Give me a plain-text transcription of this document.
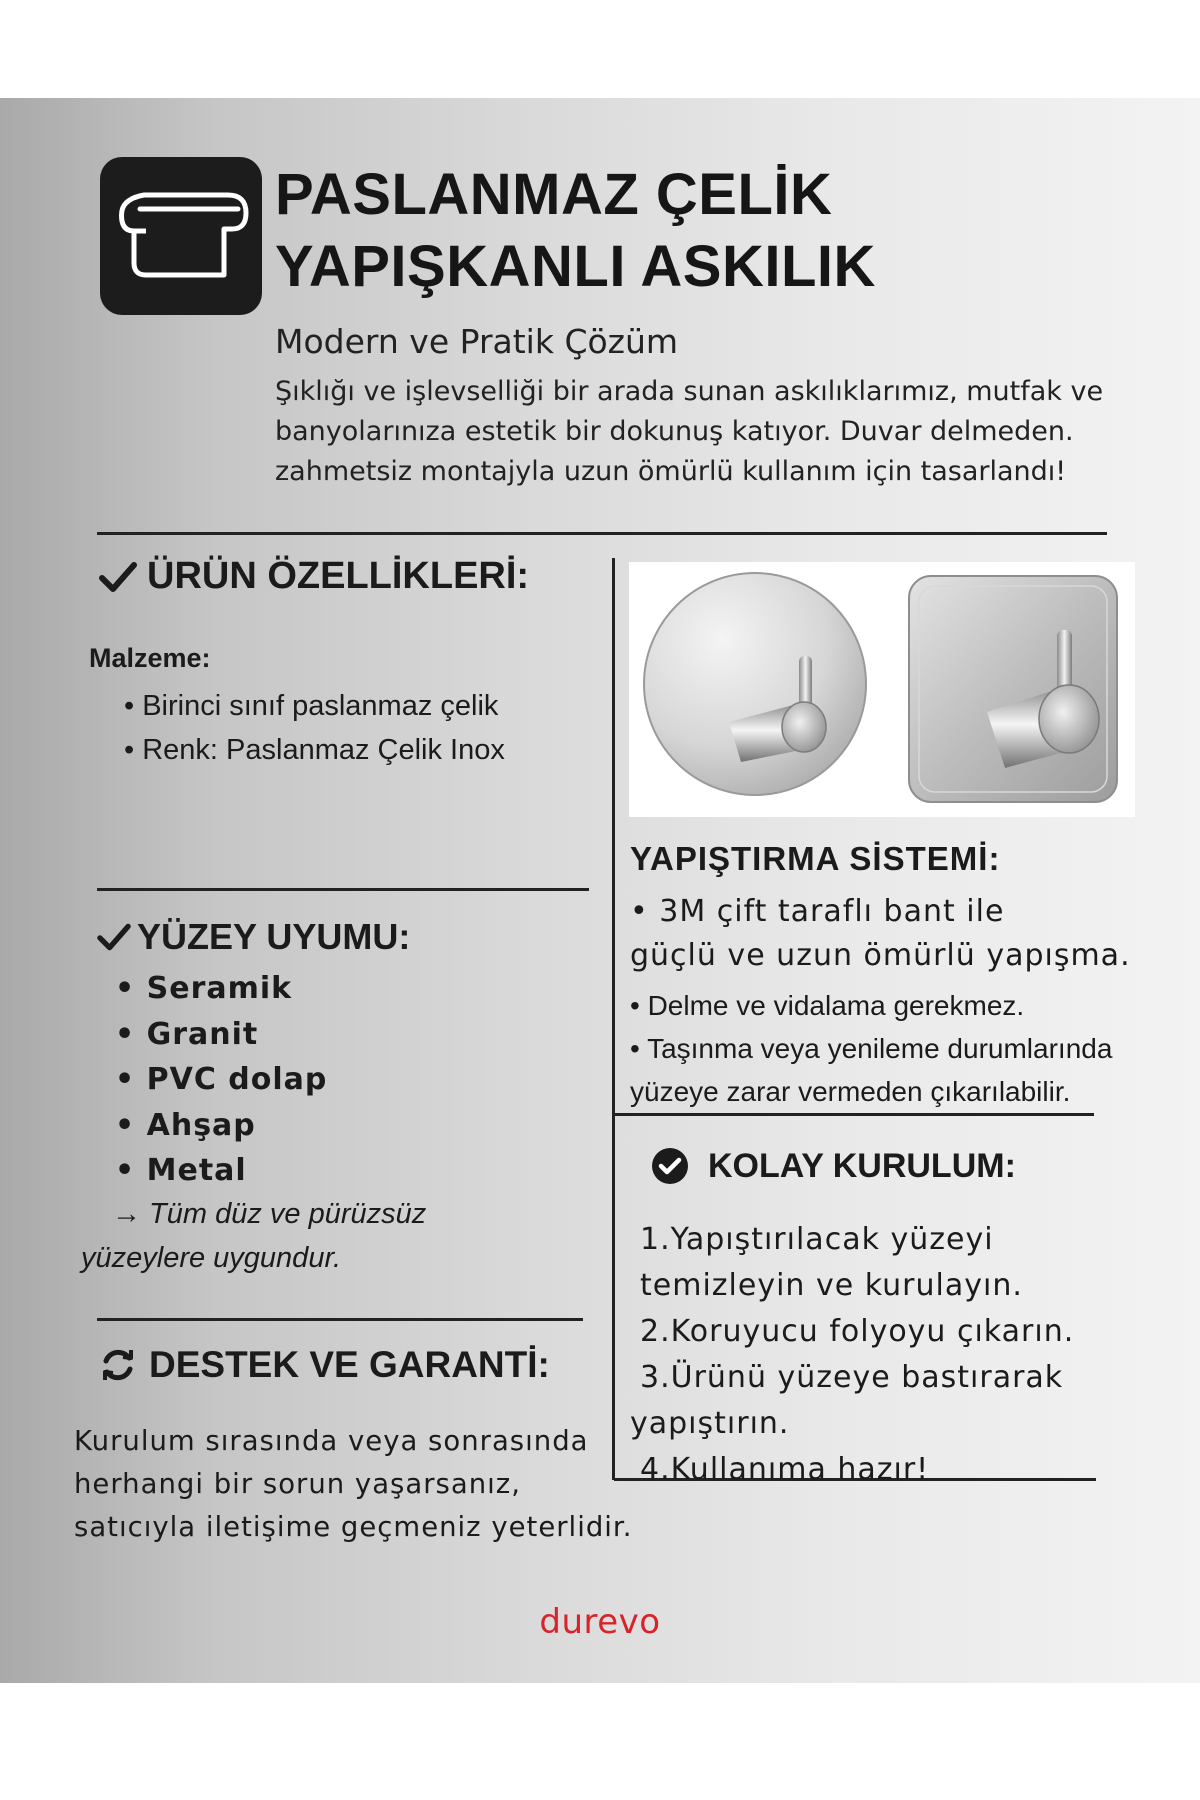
PASLANMAZ ÇELİK
YAPIŞKANLI ASKILIK
Modern ve Pratik Çözüm
Şıklığı ve işlevselliği bir arada sunan askılıklarımız, mutfak ve
banyolarınıza estetik bir dokunuş katıyor. Duvar delmeden.
zahmetsiz montajyla uzun ömürlü kullanım için tasarlandı!
ÜRÜN ÖZELLİKLERİ:
Malzeme:
• Birinci sınıf paslanmaz çelik
• Renk: Paslanmaz Çelik Inox
YÜZEY UYUMU:
• Seramik
• Granit
• PVC dolap
• Ahşap
• Metal
→ Tüm düz ve pürüzsüz
yüzeylere uygundur.
DESTEK VE GARANTİ:
Kurulum sırasında veya sonrasında
herhangi bir sorun yaşarsanız,
satıcıyla iletişime geçmeniz yeterlidir.
YAPIŞTIRMA SİSTEMİ:
• 3M çift taraflı bant ile
güçlü ve uzun ömürlü yapışma.
• Delme ve vidalama gerekmez.
• Taşınma veya yenileme durumlarında
yüzeye zarar vermeden çıkarılabilir.
KOLAY KURULUM:
1.Yapıştırılacak yüzeyi
temizleyin ve kurulayın.
2.Koruyucu folyoyu çıkarın.
3.Ürünü yüzeye bastırarak
yapıştırın.
4.Kullanıma hazır!
durevo
